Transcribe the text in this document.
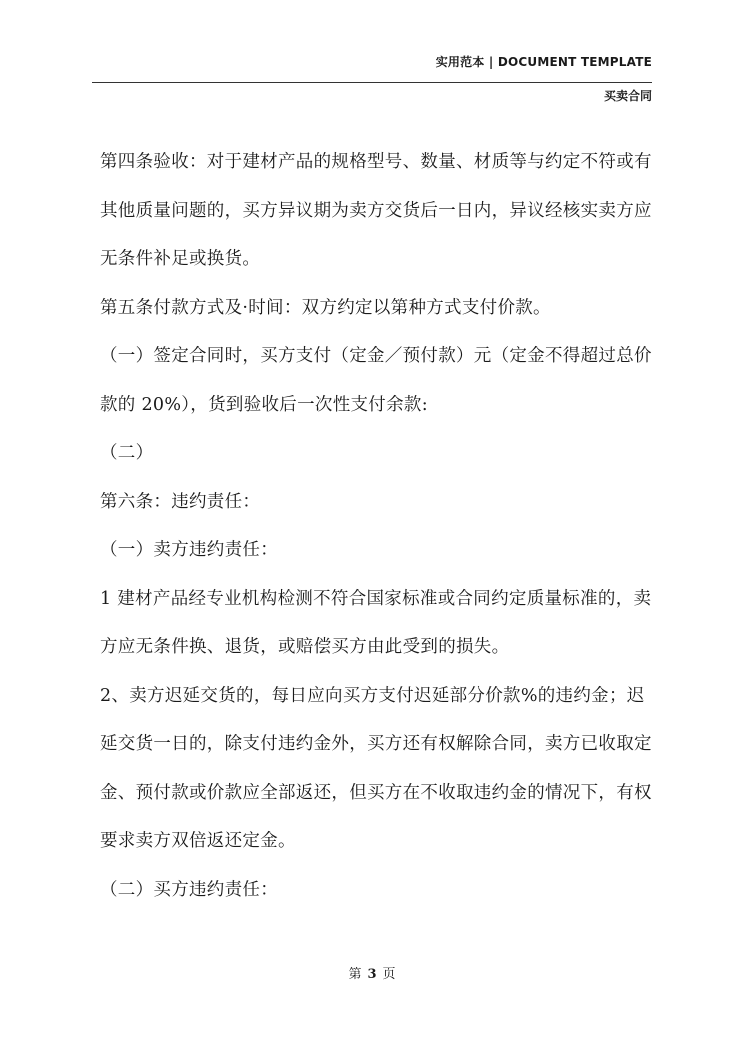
实用范本 | DOCUMENT TEMPLATE
买卖合同

第四条验收：对于建材产品的规格型号、数量、材质等与约定不符或有其他质量问题的，买方异议期为卖方交货后一日内，异议经核实卖方应无条件补足或换货。

第五条付款方式及·时间：双方约定以第种方式支付价款。

（一）签定合同时，买方支付（定金／预付款）元（定金不得超过总价款的 20%），货到验收后一次性支付余款:

（二）

第六条：违约责任：

（一）卖方违约责任：

1 建材产品经专业机构检测不符合国家标准或合同约定质量标准的，卖方应无条件换、退货，或赔偿买方由此受到的损失。

2、卖方迟延交货的，每日应向买方支付迟延部分价款%的违约金；迟延交货一日的，除支付违约金外，买方还有权解除合同，卖方已收取定金、预付款或价款应全部返还，但买方在不收取违约金的情况下，有权要求卖方双倍返还定金。

（二）买方违约责任：

第 3 页
